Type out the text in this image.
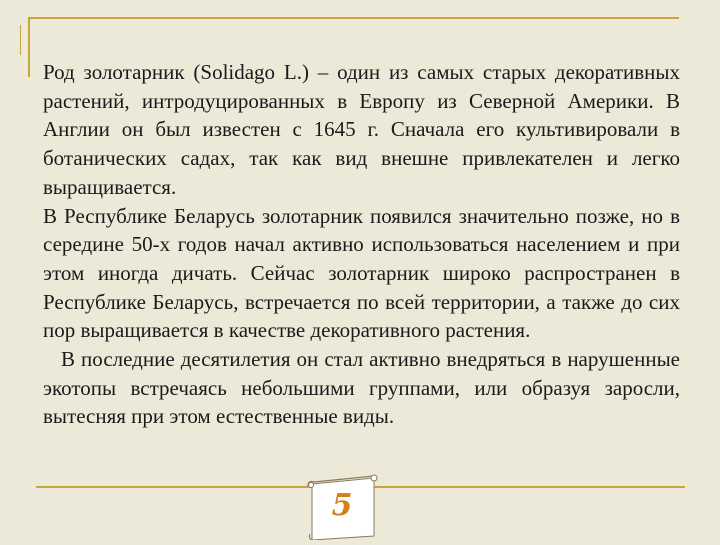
Род золотарник (Solidago L.) – один из самых старых декоративных растений, интродуцированных в Европу из Северной Америки. В Англии он был известен с 1645 г. Сначала его культивировали в ботанических садах, так как вид внешне привлекателен и легко выращивается.

В Республике Беларусь золотарник появился значительно позже, но в середине 50-х годов начал активно использоваться населением и при этом иногда дичать. Сейчас золотарник широко распространен в Республике Беларусь, встречается по всей территории, а также до сих пор выращивается в качестве декоративного растения.

В последние десятилетия он стал активно внедряться в нарушенные экотопы встречаясь небольшими группами, или образуя заросли, вытесняя при этом естественные виды.

5
